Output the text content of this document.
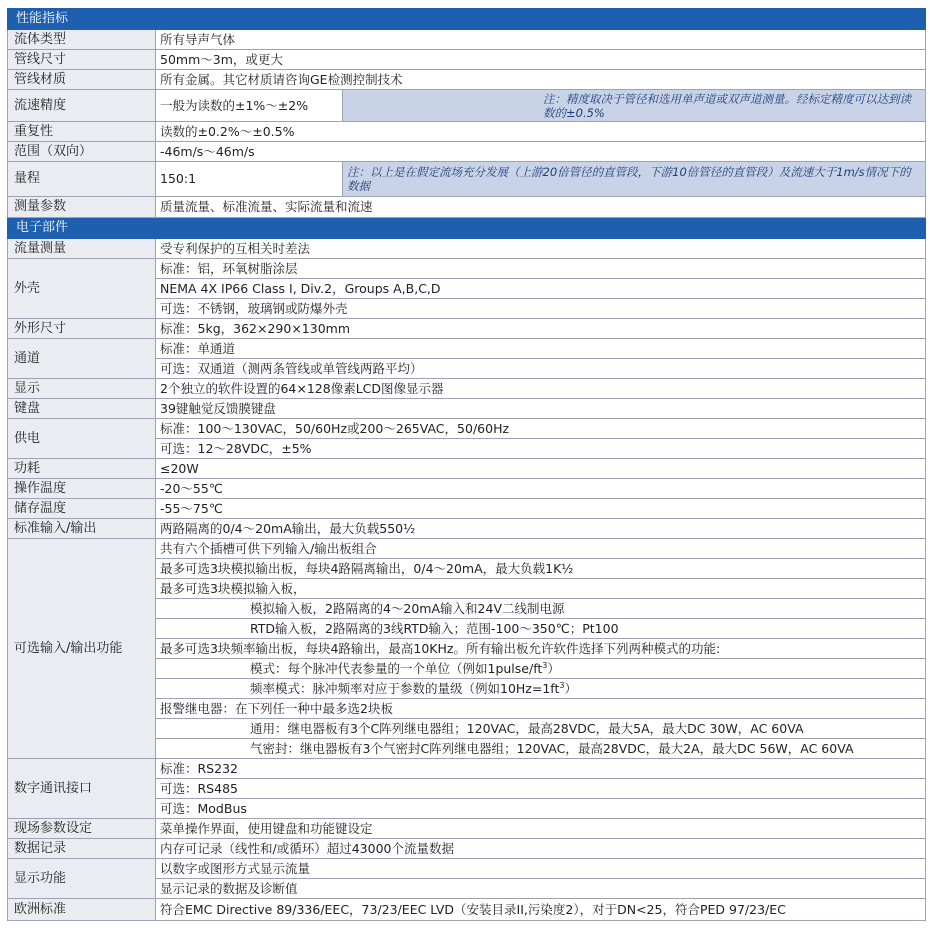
性能指标		
流体类型	所有导声气体	
管线尺寸	50mm～3m，或更大	
管线材质	所有金属。其它材质请咨询GE检测控制技术	
流速精度	一般为读数的±1%～±2%	注：精度取决于管径和选用单声道或双声道测量。经标定精度可以达到读数的±0.5%
重复性	读数的±0.2%～±0.5%	
范围（双向）	-46m/s～46m/s	
量程	150:1	注：以上是在假定流场充分发展（上游20倍管径的直管段，下游10倍管径的直管段）及流速大于1m/s情况下的数据
测量参数	质量流量、标准流量、实际流量和流速	
电子部件		
流量测量	受专利保护的互相关时差法	
外壳	标准：铝，环氧树脂涂层	
	NEMA 4X IP66 Class I, Div.2，Groups A,B,C,D	
	可选：不锈钢，玻璃钢或防爆外壳	
外形尺寸	标准：5kg，362×290×130mm	
通道	标准：单通道	
	可选：双通道（测两条管线或单管线两路平均）	
显示	2个独立的软件设置的64×128像素LCD图像显示器	
键盘	39键触觉反馈膜键盘	
供电	标准：100～130VAC，50/60Hz或200～265VAC，50/60Hz	
	可选：12～28VDC，±5%	
功耗	≤20W	
操作温度	-20～55℃	
储存温度	-55～75℃	
标准输入/输出	两路隔离的0/4～20mA输出，最大负载550½	
可选输入/输出功能	共有六个插槽可供下列输入/输出板组合	
	最多可选3块模拟输出板，每块4路隔离输出，0/4～20mA，最大负载1K½	
	最多可选3块模拟输入板，	
	模拟输入板，2路隔离的4～20mA输入和24V二线制电源	
	RTD输入板，2路隔离的3线RTD输入；范围-100～350℃；Pt100	
	最多可选3块频率输出板，每块4路输出，最高10KHz。所有输出板允许软件选择下列两种模式的功能:	
	模式：每个脉冲代表参量的一个单位（例如$1pulse/ft^3$）	
	频率模式：脉冲频率对应于参数的量级（例如$10Hz=1ft^3$）	
	报警继电器：在下列任一种中最多选2块板	
	通用：继电器板有3个C阵列继电器组；120VAC，最高28VDC，最大5A，最大DC 30W，AC 60VA	
	气密封：继电器板有3个气密封C阵列继电器组；120VAC，最高28VDC，最大2A，最大DC 56W，AC 60VA	
数字通讯接口	标准：RS232	
	可选：RS485	
	可选：ModBus	
现场参数设定	菜单操作界面，使用键盘和功能键设定	
数据记录	内存可记录（线性和/或循环）超过43000个流量数据	
显示功能	以数字或图形方式显示流量	
	显示记录的数据及诊断值	
欧洲标准	符合EMC Directive 89/336/EEC，73/23/EEC LVD（安装目录II,污染度2），对于DN<25，符合PED 97/23/EC	
